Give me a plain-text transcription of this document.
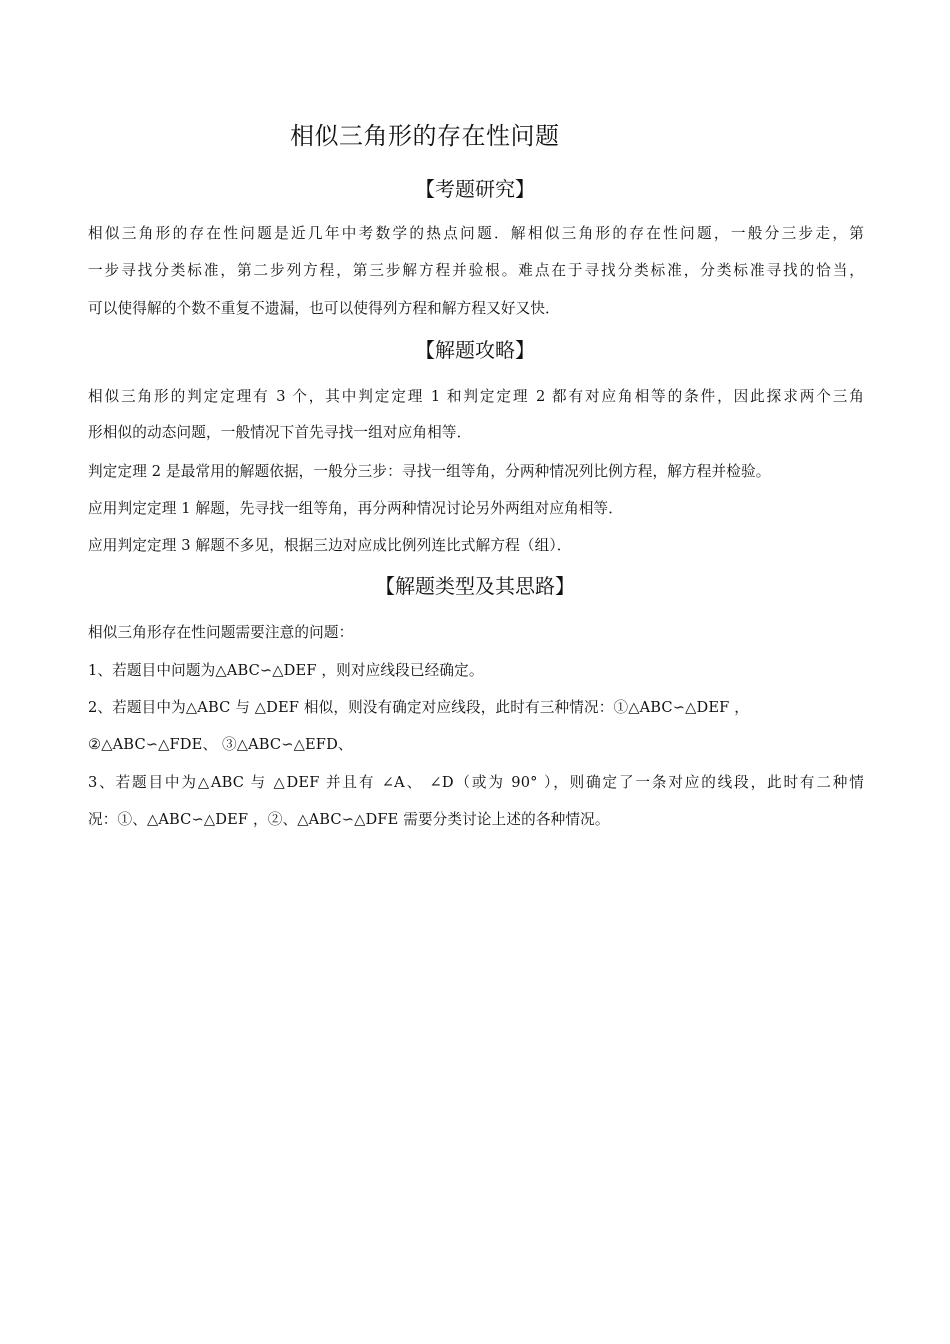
相似三角形的存在性问题
【考题研究】
相似三角形的存在性问题是近几年中考数学的热点问题．解相似三角形的存在性问题，一般分三步走，第
一步寻找分类标准，第二步列方程，第三步解方程并验根。难点在于寻找分类标准，分类标准寻找的恰当，
可以使得解的个数不重复不遗漏，也可以使得列方程和解方程又好又快．
【解题攻略】
相似三角形的判定定理有 3 个，其中判定定理 1 和判定定理 2 都有对应角相等的条件，因此探求两个三角
形相似的动态问题，一般情况下首先寻找一组对应角相等．
判定定理 2 是最常用的解题依据，一般分三步：寻找一组等角，分两种情况列比例方程，解方程并检验。
应用判定定理 1 解题，先寻找一组等角，再分两种情况讨论另外两组对应角相等．
应用判定定理 3 解题不多见，根据三边对应成比例列连比式解方程（组）．
【解题类型及其思路】
相似三角形存在性问题需要注意的问题：
1、若题目中问题为△ABC∽△DEF ，则对应线段已经确定。
2、若题目中为△ABC 与 △DEF 相似，则没有确定对应线段，此时有三种情况：①△ABC∽△DEF ，
②△ABC∽△FDE、 ③△ABC∽△EFD、
3、若题目中为△ABC 与 △DEF 并且有 ∠A、 ∠D（或为 90° ），则确定了一条对应的线段，此时有二种情
况：①、△ABC∽△DEF ，②、△ABC∽△DFE 需要分类讨论上述的各种情况。
